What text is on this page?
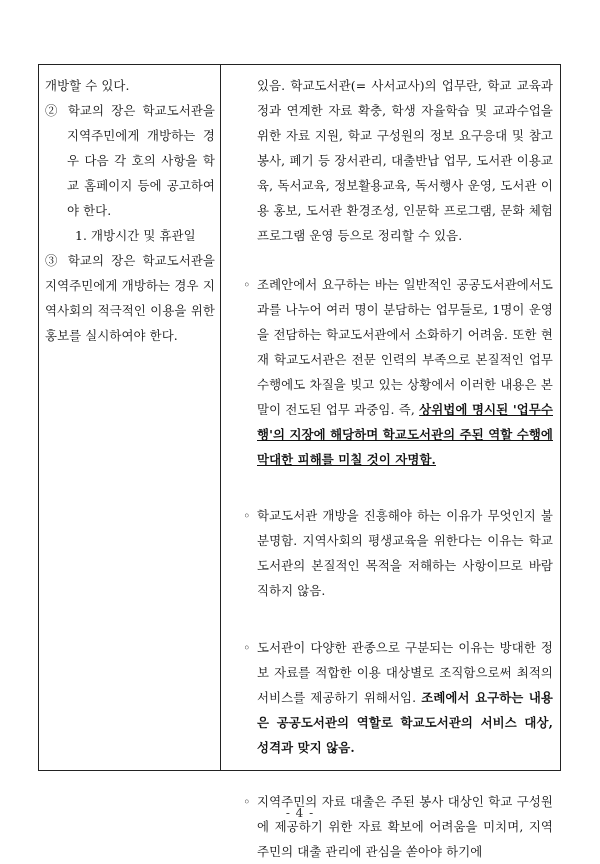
개방할 수 있다.

② 학교의 장은 학교도서관을 지역주민에게 개방하는 경우 다음 각 호의 사항을 학교 홈페이지 등에 공고하여야 한다.

1. 개방시간 및 휴관일

③ 학교의 장은 학교도서관을 지역주민에게 개방하는 경우 지역사회의 적극적인 이용을 위한 홍보를 실시하여야 한다.

있음. 학교도서관(= 사서교사)의 업무란, 학교 교육과정과 연계한 자료 확충, 학생 자율학습 및 교과수업을 위한 자료 지원, 학교 구성원의 정보 요구응대 및 참고봉사, 폐기 등 장서관리, 대출반납 업무, 도서관 이용교육, 독서교육, 정보활용교육, 독서행사 운영, 도서관 이용 홍보, 도서관 환경조성, 인문학 프로그램, 문화 체험 프로그램 운영 등으로 정리할 수 있음.

◦ 조례안에서 요구하는 바는 일반적인 공공도서관에서도 과를 나누어 여러 명이 분담하는 업무들로, 1명이 운영을 전담하는 학교도서관에서 소화하기 어려움. 또한 현재 학교도서관은 전문 인력의 부족으로 본질적인 업무수행에도 차질을 빚고 있는 상황에서 이러한 내용은 본말이 전도된 업무 과중임. 즉, 상위법에 명시된 '업무수행'의 지장에 해당하며 학교도서관의 주된 역할 수행에 막대한 피해를 미칠 것이 자명함.

◦ 학교도서관 개방을 진흥해야 하는 이유가 무엇인지 불분명함. 지역사회의 평생교육을 위한다는 이유는 학교도서관의 본질적인 목적을 저해하는 사항이므로 바람직하지 않음.

◦ 도서관이 다양한 관종으로 구분되는 이유는 방대한 정보 자료를 적합한 이용 대상별로 조직함으로써 최적의 서비스를 제공하기 위해서임. 조례에서 요구하는 내용은 공공도서관의 역할로 학교도서관의 서비스 대상, 성격과 맞지 않음.

◦ 지역주민의 자료 대출은 주된 봉사 대상인 학교 구성원에 제공하기 위한 자료 확보에 어려움을 미치며, 지역주민의 대출 관리에 관심을 쏟아야 하기에

- 4 -
